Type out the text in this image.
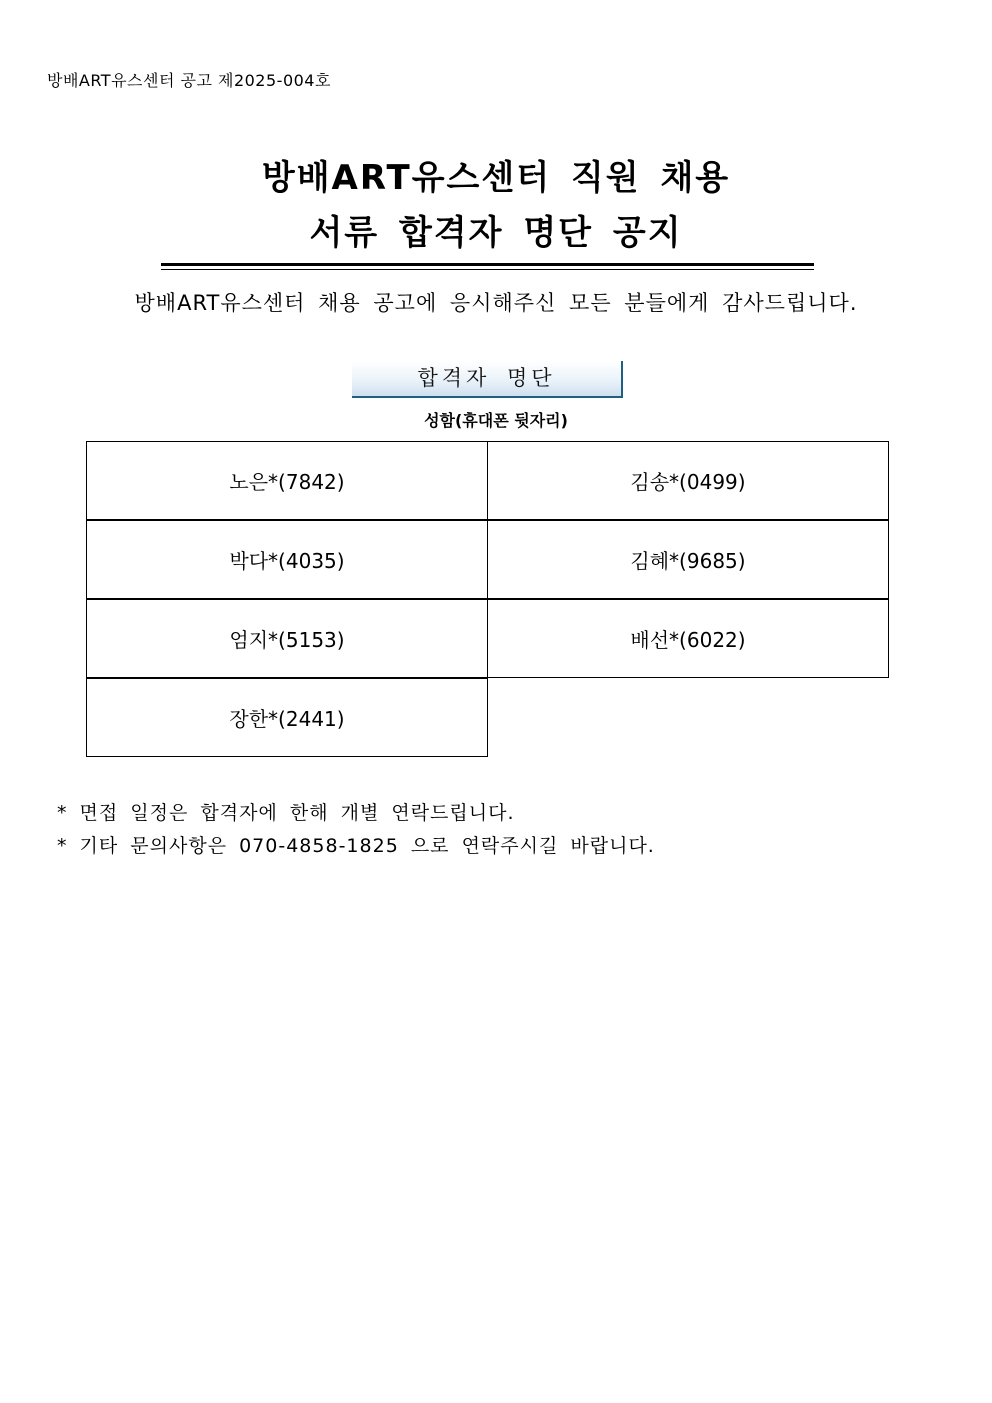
방배ART유스센터 공고 제2025-004호
방배ART유스센터 직원 채용
서류 합격자 명단 공지
방배ART유스센터 채용 공고에 응시해주신 모든 분들에게 감사드립니다.
합격자 명단
성함(휴대폰 뒷자리)
노은*(7842)	김송*(0499)
박다*(4035)	김혜*(9685)
엄지*(5153)	배선*(6022)
장한*(2441)
* 면접 일정은 합격자에 한해 개별 연락드립니다.
* 기타 문의사항은 070-4858-1825 으로 연락주시길 바랍니다.
